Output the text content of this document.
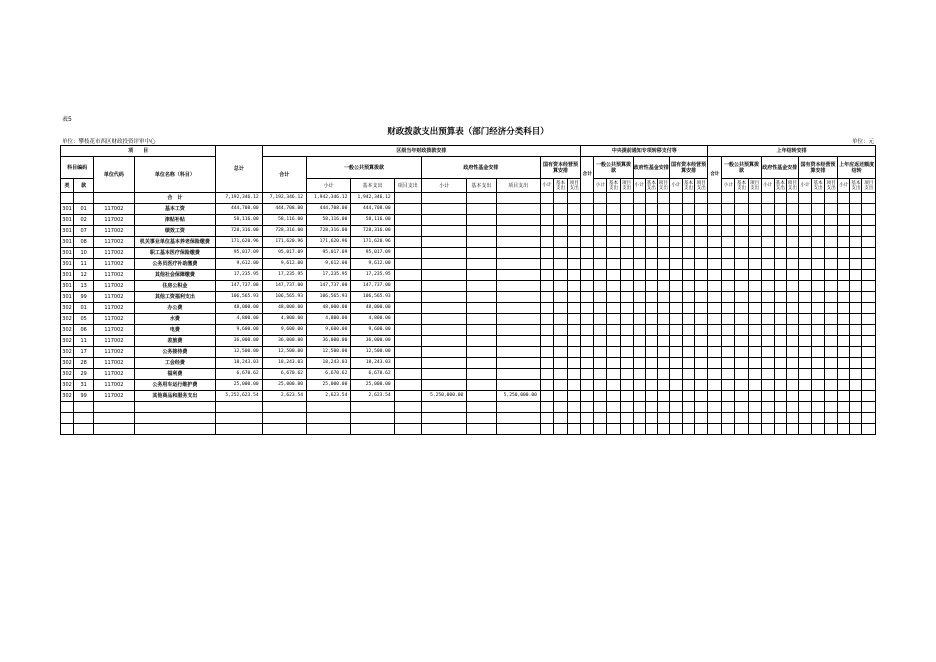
表5
财政拨款支出预算表（部门经济分类科目）
单位：攀枝花市西区财政投资评审中心	单位：元
项　　目				总计	区级当年财政拨款安排										中央提前通知专项转移支付等										上年结转安排												
科目编码		单位代码	单位名称（科目）		合计	一般公共预算拨款			政府性基金安排			国有资本经营预算安排			合计	一般公共预算拨款			政府性基金安排			国有资本经营预算安排			合计	一般公共预算拨款			政府性基金安排			国有资本经营预算安排			上年应返还额度结转		

类	款					小计	基本支出	项目支出	小计	基本支出	项目支出	小计	基本支出	项目支出		小计	基本支出	项目支出	小计	基本支出	项目支出	小计	基本支出	项目支出		小计	基本支出	项目支出	小计	基本支出	项目支出	小计	基本支出	项目支出	小计	基本支出	项目支出
			合　计	7,192,346.12	7,192,346.12	1,942,346.12	1,942,346.12																														
301	01	117002	基本工资	444,708.00	444,708.00	444,708.00	444,708.00																														
301	02	117002	津贴补贴	58,116.00	58,116.00	58,116.00	58,116.00																														
301	07	117002	绩效工资	728,316.00	728,316.00	728,316.00	728,316.00																														
301	08	117002	机关事业单位基本养老保险缴费	171,620.96	171,620.96	171,620.96	171,620.96																														
301	10	117002	职工基本医疗保险缴费	95,017.09	95,017.09	95,017.09	95,017.09																														
301	11	117002	公务员医疗补助缴费	9,612.00	9,612.00	9,612.00	9,612.00																														
301	12	117002	其他社会保障缴费	17,235.95	17,235.95	17,235.95	17,235.95																														
301	13	117002	住房公积金	147,737.00	147,737.00	147,737.00	147,737.00																														
301	99	117002	其他工资福利支出	106,565.93	106,565.93	106,565.93	106,565.93																														
302	01	117002	办公费	48,000.00	48,000.00	48,000.00	48,000.00																														
302	05	117002	水费	4,800.00	4,800.00	4,800.00	4,800.00																														
302	06	117002	电费	9,600.00	9,600.00	9,600.00	9,600.00																														
302	11	117002	差旅费	36,000.00	36,000.00	36,000.00	36,000.00																														
302	17	117002	公务接待费	12,500.00	12,500.00	12,500.00	12,500.00																														
302	28	117002	工会经费	18,243.03	18,243.03	18,243.03	18,243.03																														
302	29	117002	福利费	6,670.62	6,670.62	6,670.62	6,670.62																														
302	31	117002	公务用车运行维护费	25,000.00	25,000.00	25,000.00	25,000.00																														
302	99	117002	其他商品和服务支出	5,252,623.54	2,623.54	2,623.54	2,623.54		5,250,000.00		5,250,000.00																										
